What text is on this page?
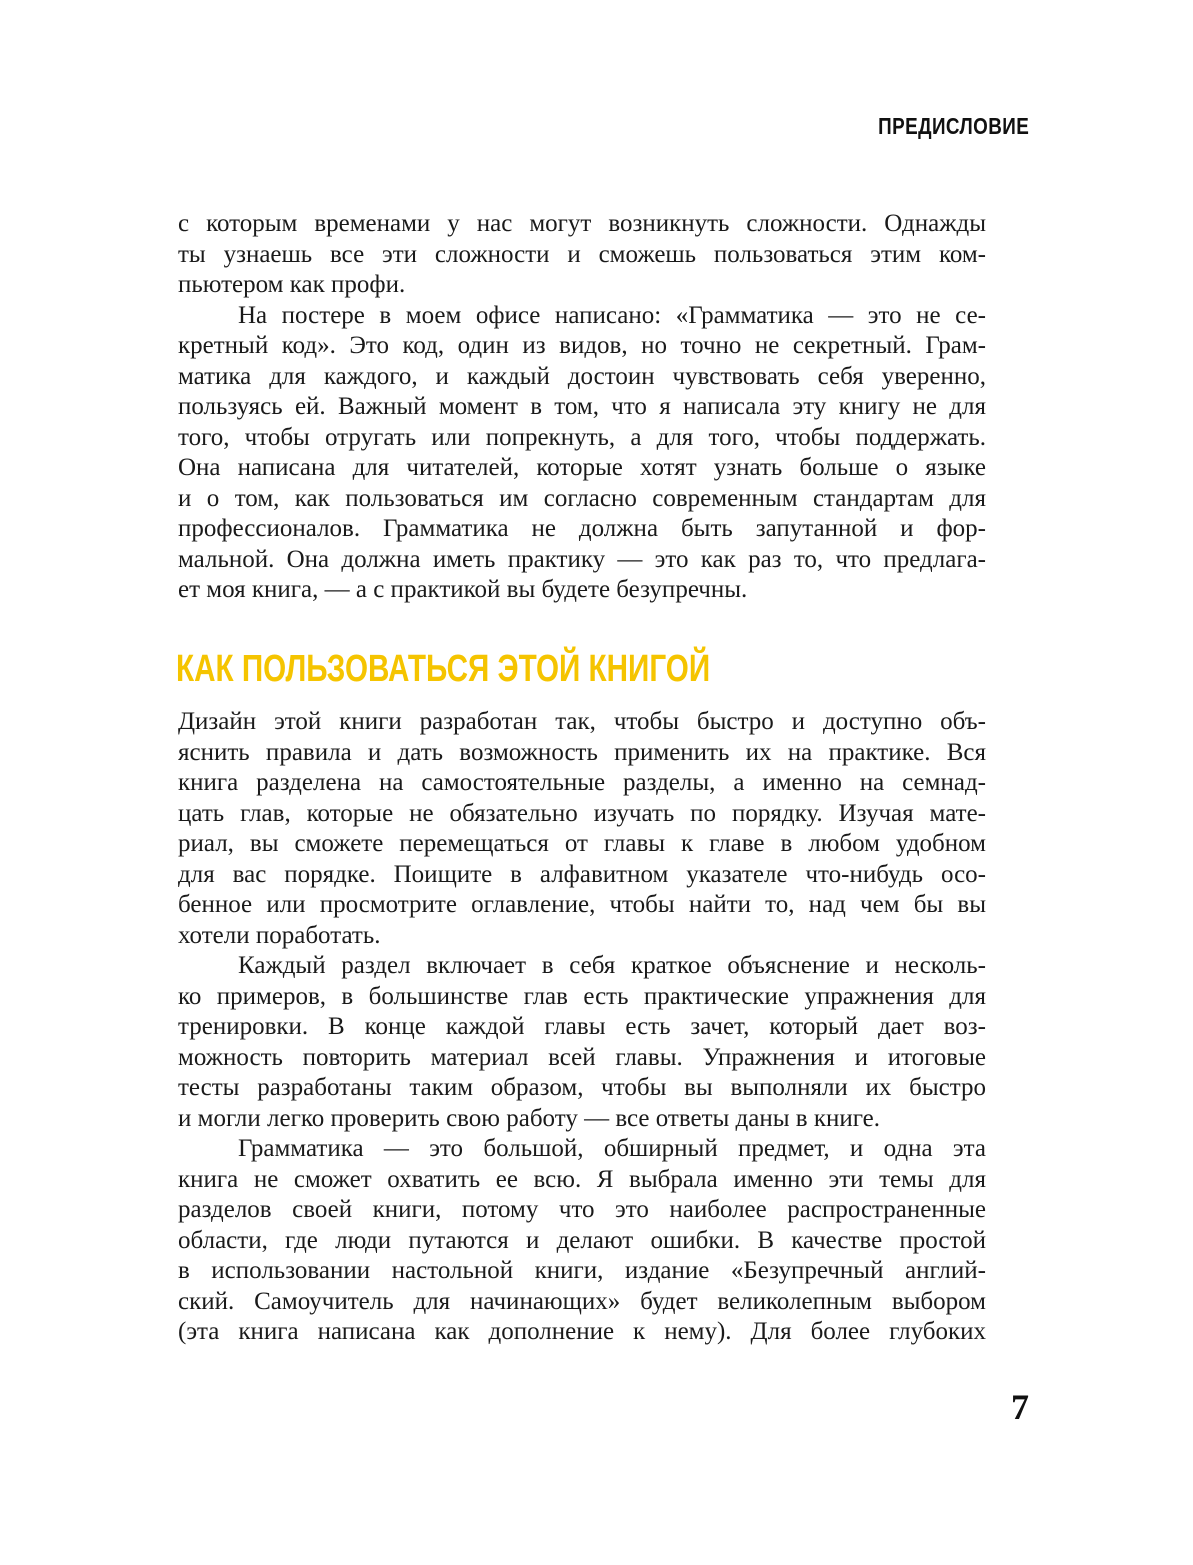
ПРЕДИСЛОВИЕ
с которым временами у нас могут возникнуть сложности. Однажды
ты узнаешь все эти сложности и сможешь пользоваться этим ком-
пьютером как профи.
На постере в моем офисе написано: «Грамматика — это не се-
кретный код». Это код, один из видов, но точно не секретный. Грам-
матика для каждого, и каждый достоин чувствовать себя уверенно,
пользуясь ей. Важный момент в том, что я написала эту книгу не для
того, чтобы отругать или попрекнуть, а для того, чтобы поддержать.
Она написана для читателей, которые хотят узнать больше о языке
и о том, как пользоваться им согласно современным стандартам для
профессионалов. Грамматика не должна быть запутанной и фор-
мальной. Она должна иметь практику — это как раз то, что предлага-
ет моя книга, — а с практикой вы будете безупречны.
КАК ПОЛЬЗОВАТЬСЯ ЭТОЙ КНИГОЙ
Дизайн этой книги разработан так, чтобы быстро и доступно объ-
яснить правила и дать возможность применить их на практике. Вся
книга разделена на самостоятельные разделы, а именно на семнад-
цать глав, которые не обязательно изучать по порядку. Изучая мате-
риал, вы сможете перемещаться от главы к главе в любом удобном
для вас порядке. Поищите в алфавитном указателе что-нибудь осо-
бенное или просмотрите оглавление, чтобы найти то, над чем бы вы
хотели поработать.
Каждый раздел включает в себя краткое объяснение и несколь-
ко примеров, в большинстве глав есть практические упражнения для
тренировки. В конце каждой главы есть зачет, который дает воз-
можность повторить материал всей главы. Упражнения и итоговые
тесты разработаны таким образом, чтобы вы выполняли их быстро
и могли легко проверить свою работу — все ответы даны в книге.
Грамматика — это большой, обширный предмет, и одна эта
книга не сможет охватить ее всю. Я выбрала именно эти темы для
разделов своей книги, потому что это наиболее распространенные
области, где люди путаются и делают ошибки. В качестве простой
в использовании настольной книги, издание «Безупречный англий-
ский. Самоучитель для начинающих» будет великолепным выбором
(эта книга написана как дополнение к нему). Для более глубоких
7
